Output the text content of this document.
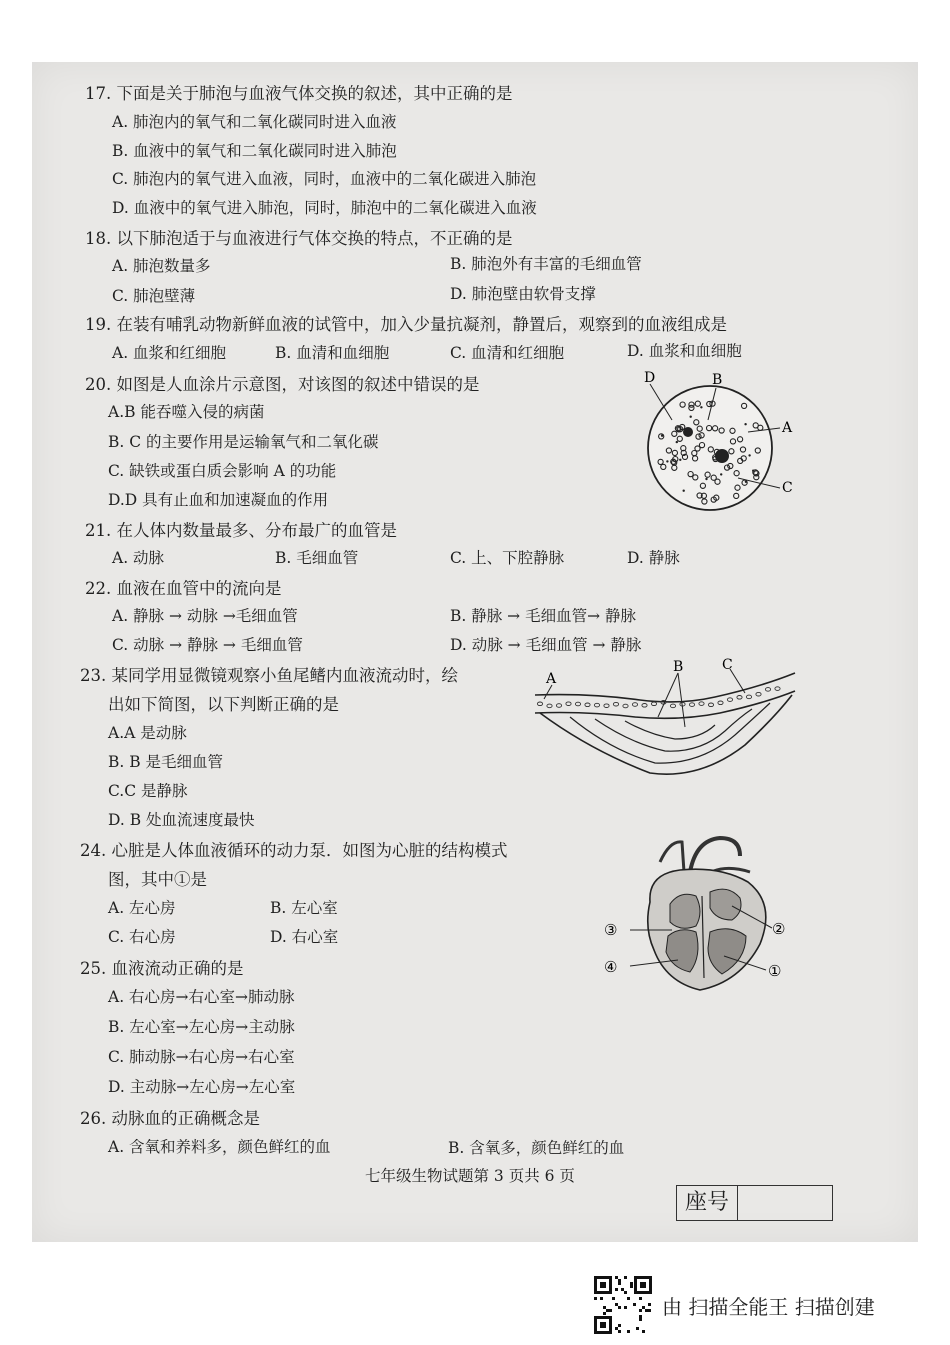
17. 下面是关于肺泡与血液气体交换的叙述，其中正确的是
A. 肺泡内的氧气和二氧化碳同时进入血液
B. 血液中的氧气和二氧化碳同时进入肺泡
C. 肺泡内的氧气进入血液，同时，血液中的二氧化碳进入肺泡
D. 血液中的氧气进入肺泡，同时，肺泡中的二氧化碳进入血液
18. 以下肺泡适于与血液进行气体交换的特点，不正确的是
A. 肺泡数量多	B. 肺泡外有丰富的毛细血管
C. 肺泡壁薄	D. 肺泡壁由软骨支撑
19. 在装有哺乳动物新鲜血液的试管中，加入少量抗凝剂，静置后，观察到的血液组成是
A. 血浆和红细胞	B. 血清和血细胞	C. 血清和红细胞	D. 血浆和血细胞
20. 如图是人血涂片示意图，对该图的叙述中错误的是
A.B 能吞噬入侵的病菌
B. C 的主要作用是运输氧气和二氧化碳
C. 缺铁或蛋白质会影响 A 的功能
D.D 具有止血和加速凝血的作用
D	B
A
C
21. 在人体内数量最多、分布最广的血管是
A. 动脉	B. 毛细血管	C. 上、下腔静脉	D. 静脉
22. 血液在血管中的流向是
A. 静脉 → 动脉 →毛细血管	B. 静脉 → 毛细血管→ 静脉
C. 动脉 → 静脉 → 毛细血管	D. 动脉 → 毛细血管 → 静脉
23. 某同学用显微镜观察小鱼尾鳍内血液流动时，绘
出如下简图，以下判断正确的是
A.A 是动脉
B. B 是毛细血管
C.C 是静脉
D. B 处血流速度最快
A
B	C
24. 心脏是人体血液循环的动力泵．如图为心脏的结构模式
图，其中①是
A. 左心房	B. 左心室
C. 右心房	D. 右心室	③	②
④	①
25. 血液流动正确的是
A. 右心房→右心室→肺动脉
B. 左心室→左心房→主动脉
C. 肺动脉→右心房→右心室
D. 主动脉→左心房→左心室
26. 动脉血的正确概念是
A. 含氧和养料多，颜色鲜红的血	B. 含氧多，颜色鲜红的血
七年级生物试题第 3 页共 6 页
座号
由 扫描全能王 扫描创建
